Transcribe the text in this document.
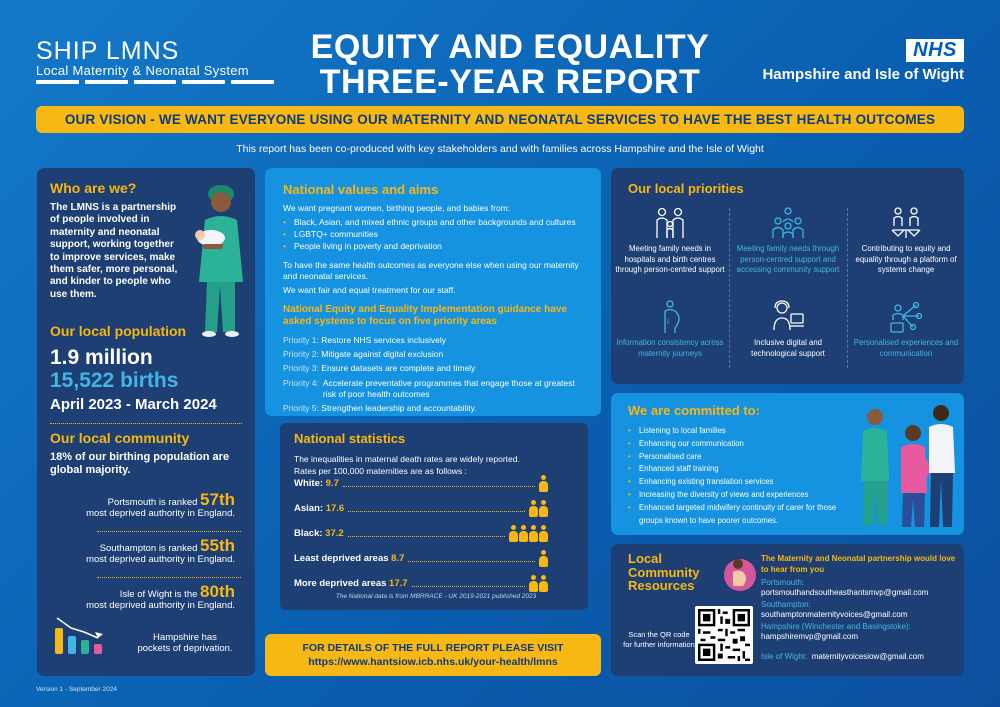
SHIP LMNS
Local Maternity & Neonatal System
EQUITY AND EQUALITY
THREE-YEAR REPORT
NHS
Hampshire and Isle of Wight
OUR VISION - WE WANT EVERYONE USING OUR MATERNITY AND NEONATAL SERVICES TO HAVE THE BEST HEALTH OUTCOMES
This report has been co-produced with key stakeholders and with families across Hampshire and the Isle of Wight
Who are we?
The LMNS is a partnership of people involved in maternity and neonatal support, working together to improve services, make them safer, more personal, and kinder to people who use them.
Our local population
1.9 million
15,522 births
April 2023 - March 2024
Our local community
18% of our birthing population are global majority.
Portsmouth is ranked 57th
most deprived authority in England.
Southampton is ranked 55th
most deprived authority in England.
Isle of Wight is the 80th
most deprived authority in England.
Hampshire has pockets of deprivation.
National values and aims
We want pregnant women, birthing people, and babies from:
• Black, Asian, and mixed ethnic groups and other backgrounds and cultures
• LGBTQ+ communities
• People living in poverty and deprivation
To have the same health outcomes as everyone else when using our maternity and neonatal services.
We want fair and equal treatment for our staff.
National Equity and Equality Implementation guidance have asked systems to focus on five priority areas
Priority 1: Restore NHS services inclusively
Priority 2: Mitigate against digital exclusion
Priority 3: Ensure datasets are complete and timely
Priority 4: Accelerate preventative programmes that engage those at greatest risk of poor health outcomes
Priority 5: Strengthen leadership and accountability.
National statistics
The inequalities in maternal death rates are widely reported.
Rates per 100,000 maternities are as follows :
White: 9.7
Asian: 17.6
Black: 37.2
Least deprived areas 8.7
More deprived areas 17.7
The National data is from MBRRACE - UK 2019-2021 published 2023
FOR DETAILS OF THE FULL REPORT PLEASE VISIT
https://www.hantsiow.icb.nhs.uk/your-health/lmns
Our local priorities
Meeting family needs in hospitals and birth centres through person-centred support
Meeting family needs through person-centred support and accessing community support
Contributing to equity and equality through a platform of systems change
i
Information consistency across maternity journeys
Inclusive digital and technological support
Personalised experiences and communication
We are committed to:
• Listening to local families
• Enhancing our communication
• Personalised care
• Enhanced staff training
• Enhancing existing translation services
• Increasing the diversity of views and experiences
• Enhanced targeted midwifery continuity of carer for those groups known to have poorer outcomes.
Local
Community
Resources
Scan the QR code for further information
The Maternity and Neonatal partnership would love to hear from you
Portsmouth:
portsmouthandsoutheasthantsmvp@gmail.com
Southampton:
southamptonmaternityvoices@gmail.com
Hampshire (Winchester and Basingstoke):
hampshiremvp@gmail.com
Isle of Wight: maternityvoicesiow@gmail.com
Version 1 - September 2024
